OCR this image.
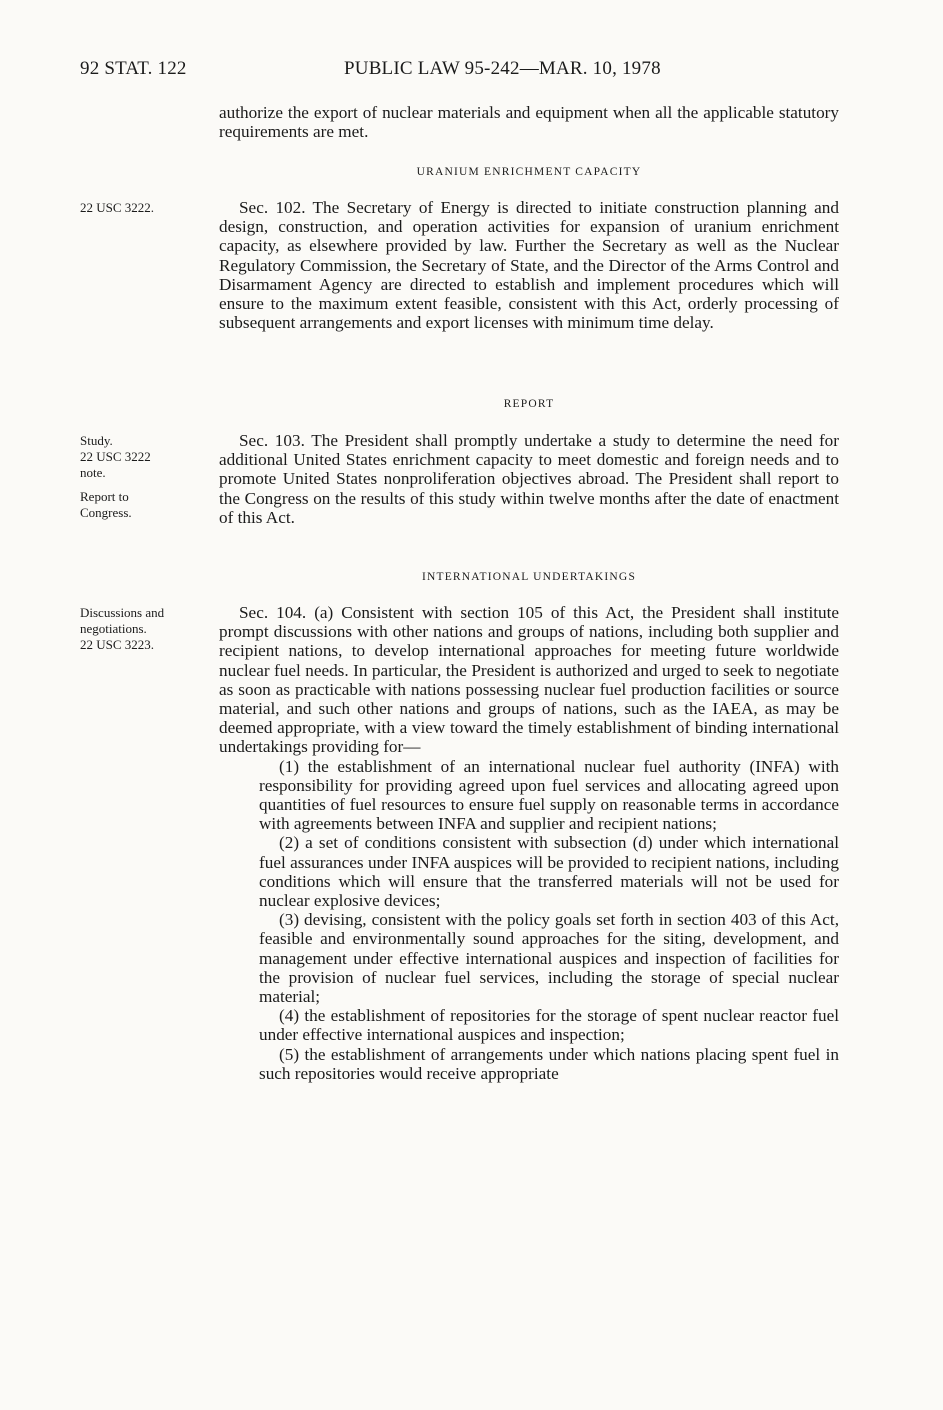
92 STAT. 122	PUBLIC LAW 95-242—MAR. 10, 1978

authorize the export of nuclear materials and equipment when all the applicable statutory requirements are met.

URANIUM ENRICHMENT CAPACITY
22 USC 3222.	Sec. 102. The Secretary of Energy is directed to initiate construction planning and design, construction, and operation activities for expansion of uranium enrichment capacity, as elsewhere provided by law. Further the Secretary as well as the Nuclear Regulatory Commission, the Secretary of State, and the Director of the Arms Control and Disarmament Agency are directed to establish and implement procedures which will ensure to the maximum extent feasible, consistent with this Act, orderly processing of subsequent arrangements and export licenses with minimum time delay.

REPORT
Study.
22 USC 3222
note.
Report to
Congress.

Sec. 103. The President shall promptly undertake a study to determine the need for additional United States enrichment capacity to meet domestic and foreign needs and to promote United States nonproliferation objectives abroad. The President shall report to the Congress on the results of this study within twelve months after the date of enactment of this Act.

INTERNATIONAL UNDERTAKINGS
Discussions and
negotiations.
22 USC 3223.

Sec. 104. (a) Consistent with section 105 of this Act, the President shall institute prompt discussions with other nations and groups of nations, including both supplier and recipient nations, to develop international approaches for meeting future worldwide nuclear fuel needs. In particular, the President is authorized and urged to seek to negotiate as soon as practicable with nations possessing nuclear fuel production facilities or source material, and such other nations and groups of nations, such as the IAEA, as may be deemed appropriate, with a view toward the timely establishment of binding international undertakings providing for—

(1) the establishment of an international nuclear fuel authority (INFA) with responsibility for providing agreed upon fuel services and allocating agreed upon quantities of fuel resources to ensure fuel supply on reasonable terms in accordance with agreements between INFA and supplier and recipient nations;

(2) a set of conditions consistent with subsection (d) under which international fuel assurances under INFA auspices will be provided to recipient nations, including conditions which will ensure that the transferred materials will not be used for nuclear explosive devices;

(3) devising, consistent with the policy goals set forth in section 403 of this Act, feasible and environmentally sound approaches for the siting, development, and management under effective international auspices and inspection of facilities for the provision of nuclear fuel services, including the storage of special nuclear material;

(4) the establishment of repositories for the storage of spent nuclear reactor fuel under effective international auspices and inspection;

(5) the establishment of arrangements under which nations placing spent fuel in such repositories would receive appropriate
